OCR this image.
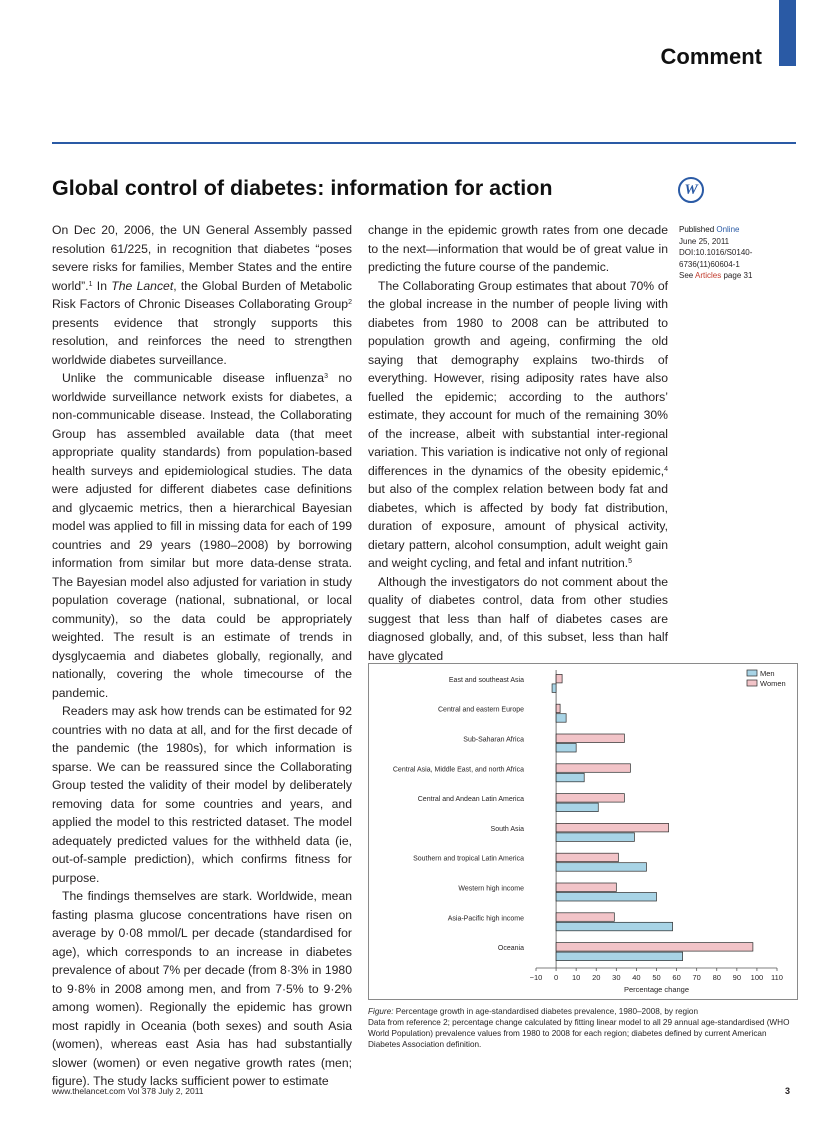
Comment
Global control of diabetes: information for action	W

On Dec 20, 2006, the UN General Assembly passed resolution 61/225, in recognition that diabetes “poses severe risks for families, Member States and the entire world”.$^1$ In The Lancet, the Global Burden of Metabolic Risk Factors of Chronic Diseases Collaborating Group$^2$ presents evidence that strongly supports this resolution, and reinforces the need to strengthen worldwide diabetes surveillance.

Unlike the communicable disease influenza$^3$ no worldwide surveillance network exists for diabetes, a non-communicable disease. Instead, the Collaborating Group has assembled available data (that meet appropriate quality standards) from population-based health surveys and epidemiological studies. The data were adjusted for different diabetes case definitions and glycaemic metrics, then a hierarchical Bayesian model was applied to fill in missing data for each of 199 countries and 29 years (1980–2008) by borrowing information from similar but more data-dense strata. The Bayesian model also adjusted for variation in study population coverage (national, subnational, or local community), so the data could be appropriately weighted. The result is an estimate of trends in dysglycaemia and diabetes globally, regionally, and nationally, covering the whole timecourse of the pandemic.

Readers may ask how trends can be estimated for 92 countries with no data at all, and for the first decade of the pandemic (the 1980s), for which information is sparse. We can be reassured since the Collaborating Group tested the validity of their model by deliberately removing data for some countries and years, and applied the model to this restricted dataset. The model adequately predicted values for the withheld data (ie, out-of-sample prediction), which confirms fitness for purpose.

The findings themselves are stark. Worldwide, mean fasting plasma glucose concentrations have risen on average by 0·08 mmol/L per decade (standardised for age), which corresponds to an increase in diabetes prevalence of about 7% per decade (from 8·3% in 1980 to 9·8% in 2008 among men, and from 7·5% to 9·2% among women). Regionally the epidemic has grown most rapidly in Oceania (both sexes) and south Asia (women), whereas east Asia has had substantially slower (women) or even negative growth rates (men; figure). The study lacks sufficient power to estimate

change in the epidemic growth rates from one decade to the next—information that would be of great value in predicting the future course of the pandemic.

The Collaborating Group estimates that about 70% of the global increase in the number of people living with diabetes from 1980 to 2008 can be attributed to population growth and ageing, confirming the old saying that demography explains two-thirds of everything. However, rising adiposity rates have also fuelled the epidemic; according to the authors’ estimate, they account for much of the remaining 30% of the increase, albeit with substantial inter-regional variation. This variation is indicative not only of regional differences in the dynamics of the obesity epidemic,$^4$ but also of the complex relation between body fat and diabetes, which is affected by body fat distribution, duration of exposure, amount of physical activity, dietary pattern, alcohol consumption, adult weight gain and weight cycling, and fetal and infant nutrition.$^5$

Although the investigators do not comment about the quality of diabetes control, data from other studies suggest that less than half of diabetes cases are diagnosed globally, and, of this subset, less than half have glycated

Published Online
June 25, 2011
DOI:10.1016/S0140-6736(11)60604-1
See Articles page 31
−10 0 10 20 30 40 50 60 70 80 90 100 110
Percentage change
East and southeast Asia
Central and eastern Europe
Sub-Saharan Africa
Central Asia, Middle East, and north Africa
Central and Andean Latin America
South Asia
Southern and tropical Latin America
Western high income
Asia-Pacific high income
Oceania
Men
Women
Figure: Percentage growth in age-standardised diabetes prevalence, 1980–2008, by region
Data from reference 2; percentage change calculated by fitting linear model to all 29 annual age-standardised (WHO World Population) prevalence values from 1980 to 2008 for each region; diabetes defined by current American Diabetes Association definition.
www.thelancet.com Vol 378 July 2, 2011	3
